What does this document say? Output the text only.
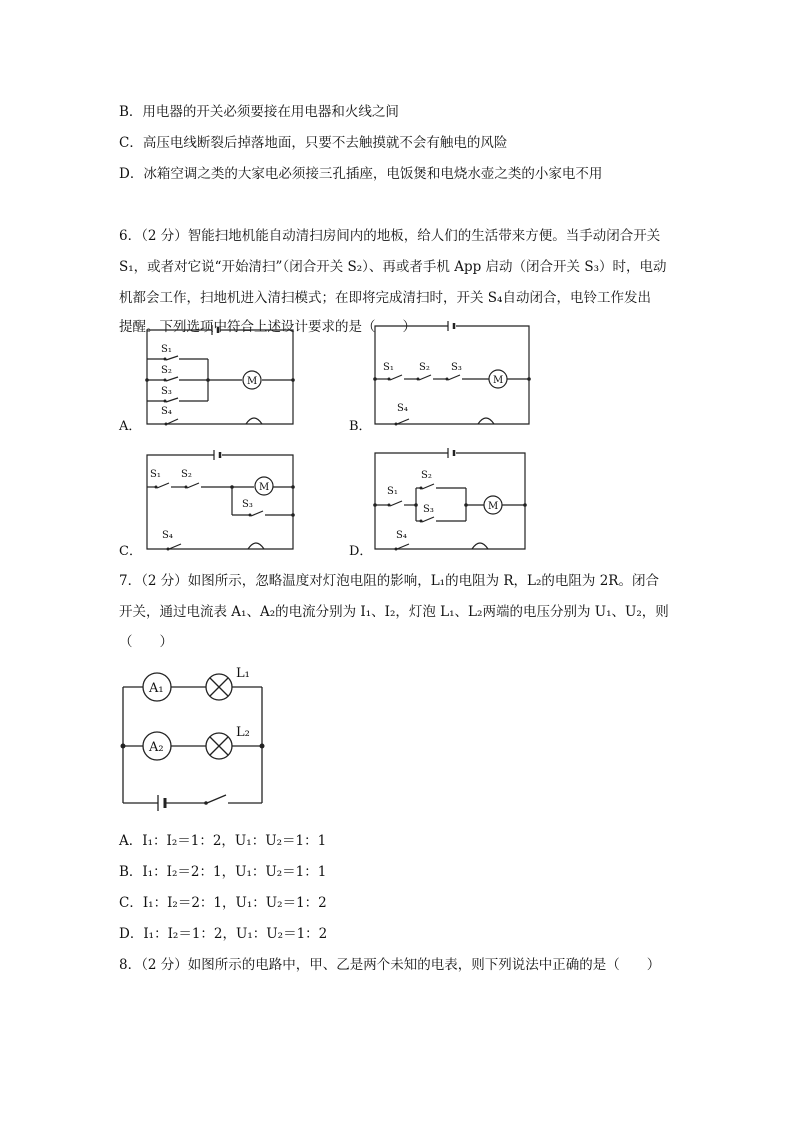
B．用电器的开关必须要接在用电器和火线之间
C．高压电线断裂后掉落地面，只要不去触摸就不会有触电的风险
D．冰箱空调之类的大家电必须接三孔插座，电饭煲和电烧水壶之类的小家电不用
6．（2 分）智能扫地机能自动清扫房间内的地板，给人们的生活带来方便。当手动闭合开关
S₁，或者对它说“开始清扫”（闭合开关 S₂）、再或者手机 App 启动（闭合开关 S₃）时，电动
机都会工作，扫地机进入清扫模式；在即将完成清扫时，开关 S₄自动闭合，电铃工作发出
提醒。下列选项中符合上述设计要求的是（　　）
S₁
S₂
S₃
S₄
M
A．
S₁	S₂ S₃
S₄
M
B．
S₁ S₂
S₃
S₄
M
C．
S₁
S₂
S₃
S₄
M
D．
7．（2 分）如图所示，忽略温度对灯泡电阻的影响，L₁的电阻为 R，L₂的电阻为 2R。闭合
开关，通过电流表 A₁、A₂的电流分别为 I₁、I₂，灯泡 L₁、L₂两端的电压分别为 U₁、U₂，则
（　　）
A₁
A₂
L₁
L₂
A．I₁：I₂＝1：2，U₁：U₂＝1：1
B．I₁：I₂＝2：1，U₁：U₂＝1：1
C．I₁：I₂＝2：1，U₁：U₂＝1：2
D．I₁：I₂＝1：2，U₁：U₂＝1：2
8．（2 分）如图所示的电路中，甲、乙是两个未知的电表，则下列说法中正确的是（　　）
